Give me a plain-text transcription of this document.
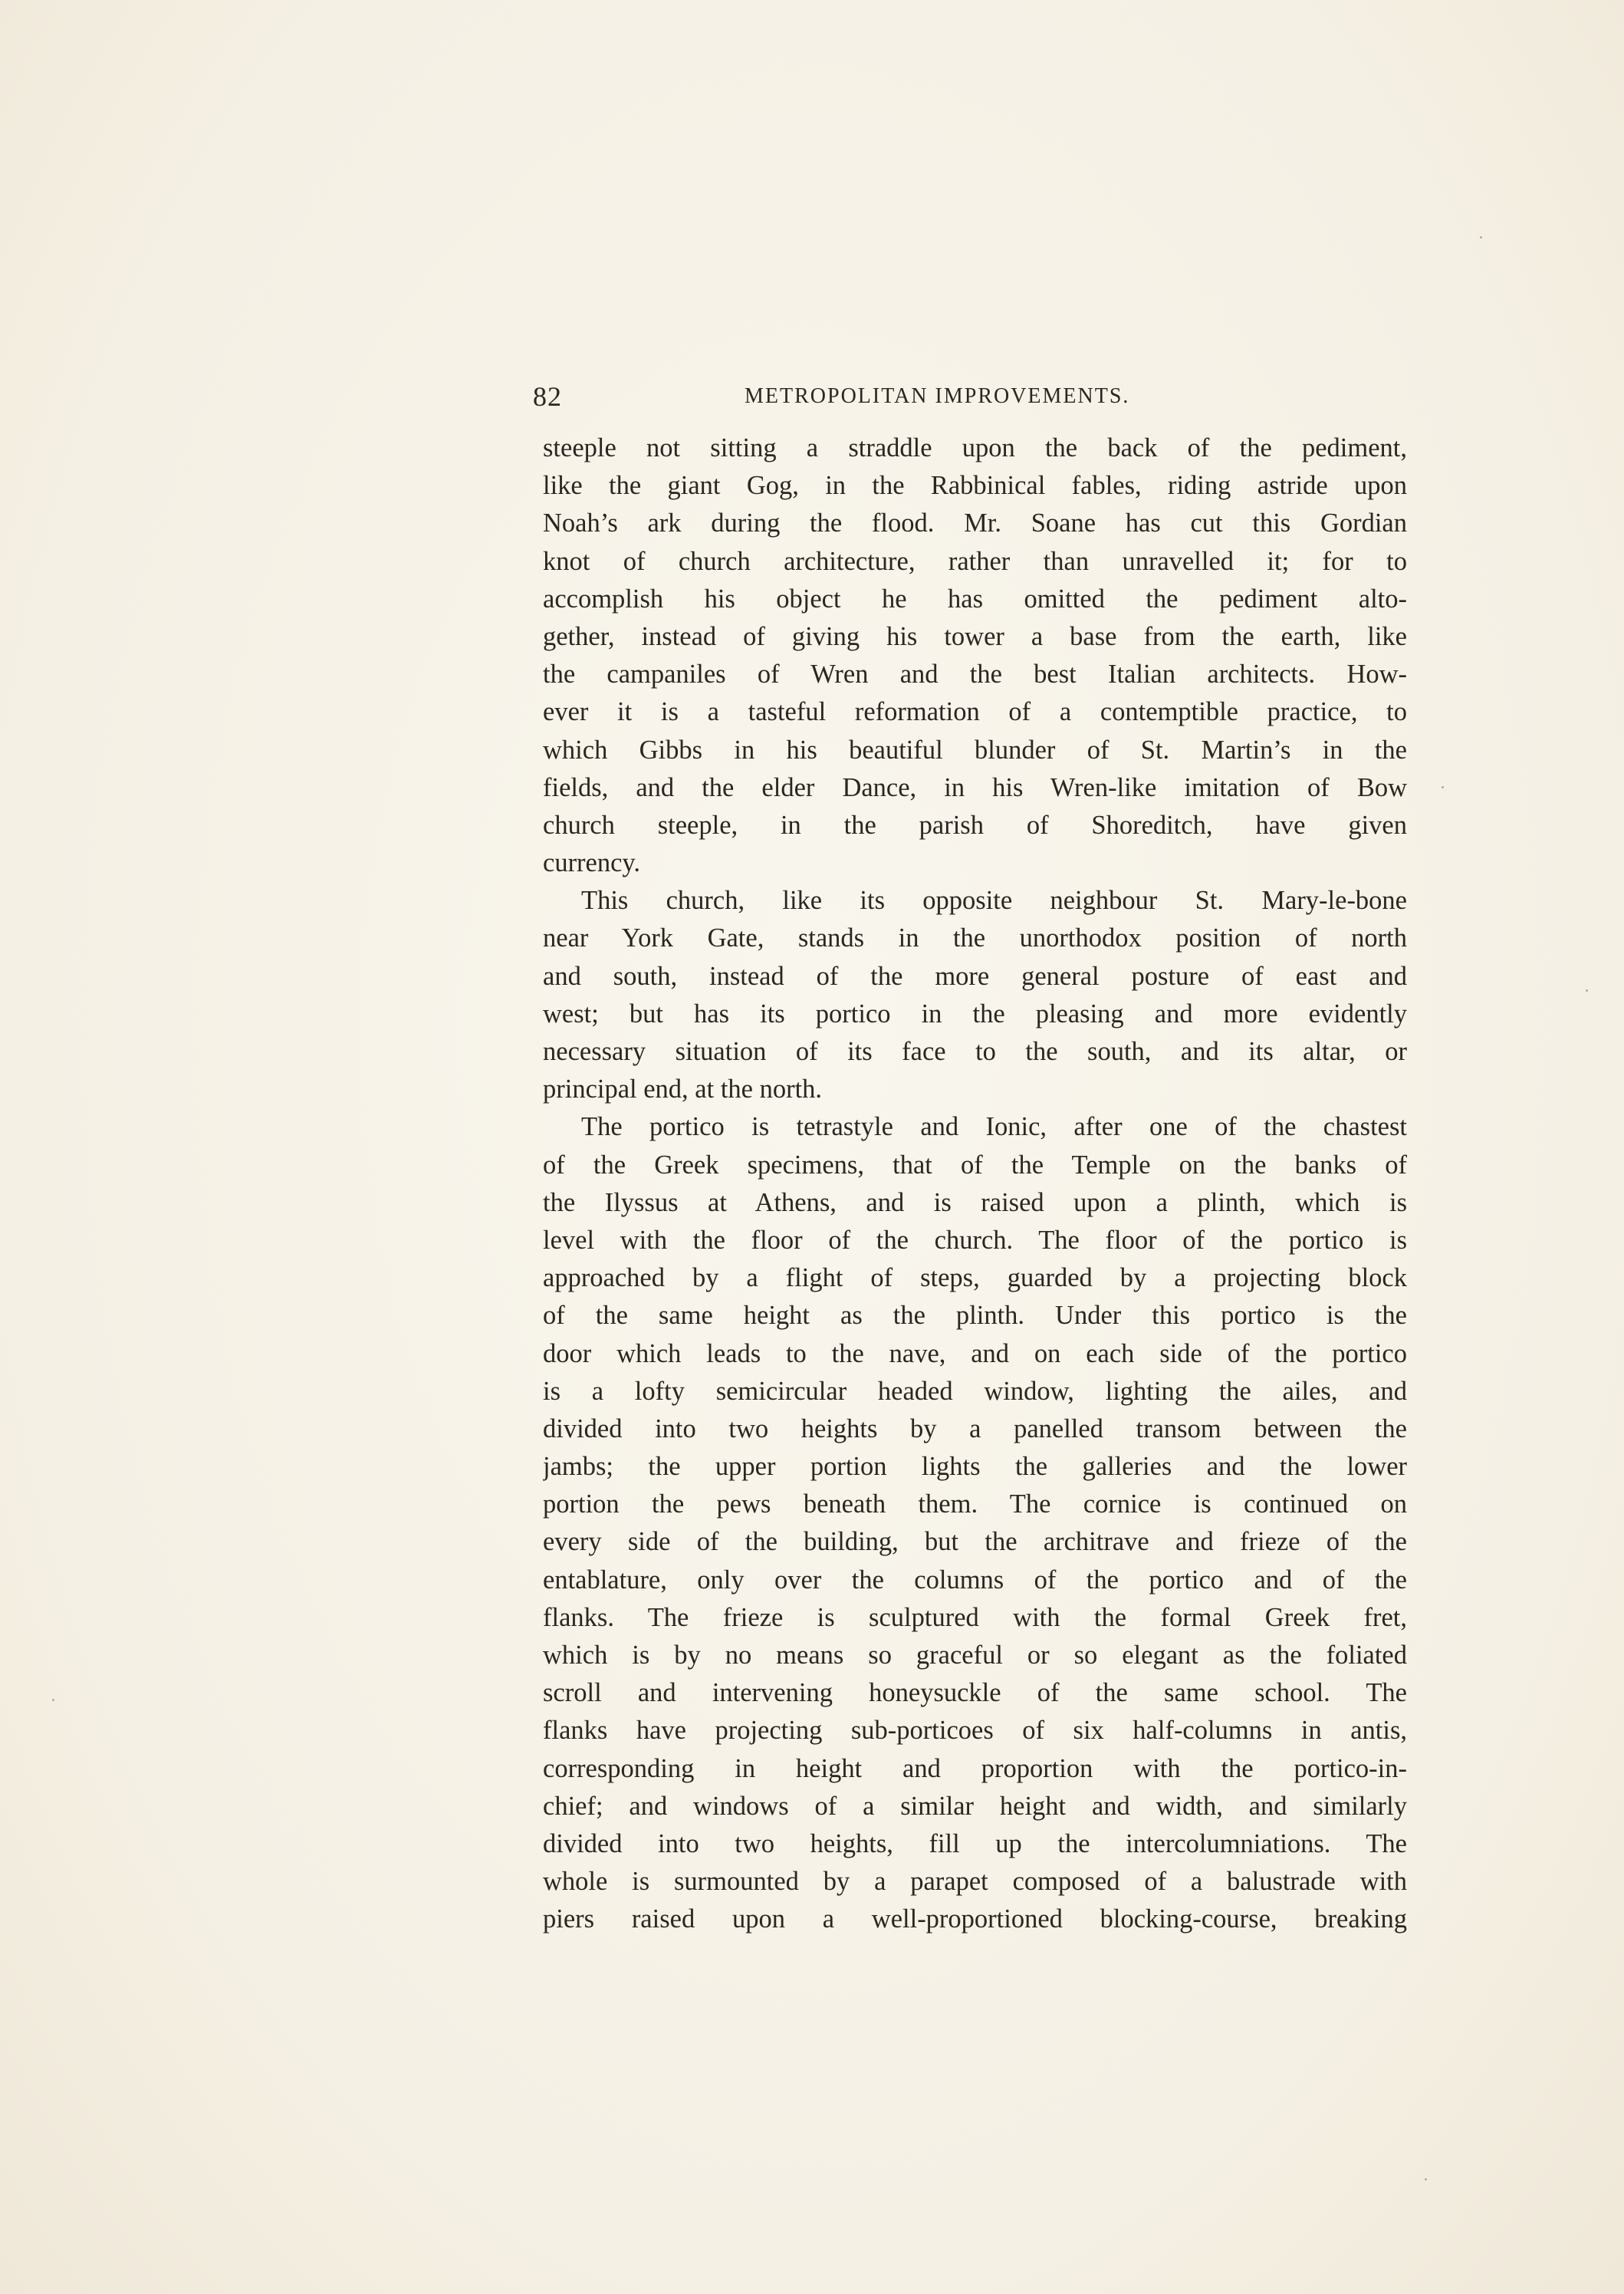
82	METROPOLITAN IMPROVEMENTS.
steeple not sitting a straddle upon the back of the pediment,
like the giant Gog, in the Rabbinical fables, riding astride upon
Noah’s ark during the flood. Mr. Soane has cut this Gordian
knot of church architecture, rather than unravelled it; for to
accomplish his object he has omitted the pediment alto-
gether, instead of giving his tower a base from the earth, like
the campaniles of Wren and the best Italian architects. How-
ever it is a tasteful reformation of a contemptible practice, to
which Gibbs in his beautiful blunder of St. Martin’s in the
fields, and the elder Dance, in his Wren-like imitation of Bow
church steeple, in the parish of Shoreditch, have given
currency.
This church, like its opposite neighbour St. Mary-le-bone
near York Gate, stands in the unorthodox position of north
and south, instead of the more general posture of east and
west; but has its portico in the pleasing and more evidently
necessary situation of its face to the south, and its altar, or
principal end, at the north.
The portico is tetrastyle and Ionic, after one of the chastest
of the Greek specimens, that of the Temple on the banks of
the Ilyssus at Athens, and is raised upon a plinth, which is
level with the floor of the church. The floor of the portico is
approached by a flight of steps, guarded by a projecting block
of the same height as the plinth. Under this portico is the
door which leads to the nave, and on each side of the portico
is a lofty semicircular headed window, lighting the ailes, and
divided into two heights by a panelled transom between the
jambs; the upper portion lights the galleries and the lower
portion the pews beneath them. The cornice is continued on
every side of the building, but the architrave and frieze of the
entablature, only over the columns of the portico and of the
flanks. The frieze is sculptured with the formal Greek fret,
which is by no means so graceful or so elegant as the foliated
scroll and intervening honeysuckle of the same school. The
flanks have projecting sub-porticoes of six half-columns in antis,
corresponding in height and proportion with the portico-in-
chief; and windows of a similar height and width, and similarly
divided into two heights, fill up the intercolumniations. The
whole is surmounted by a parapet composed of a balustrade with
piers raised upon a well-proportioned blocking-course, breaking
